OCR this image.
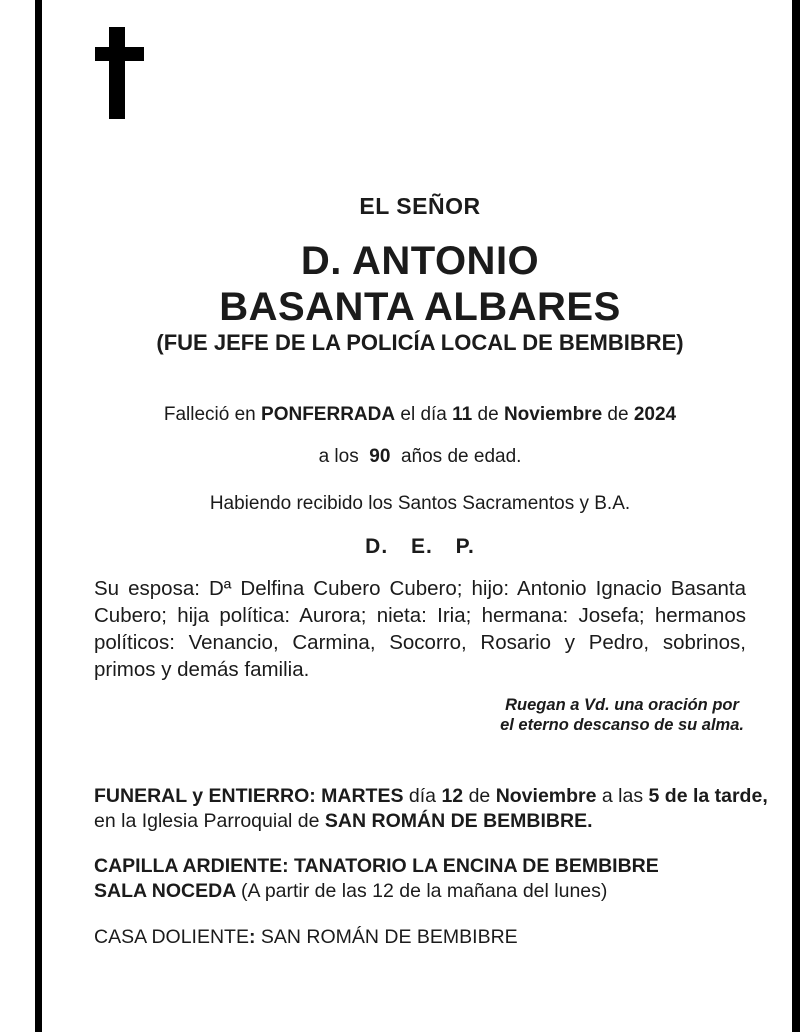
EL SEÑOR
D. ANTONIO
BASANTA ALBARES
(FUE JEFE DE LA POLICÍA LOCAL DE BEMBIBRE)
Falleció en PONFERRADA el día 11 de Noviembre de 2024
a los  90  años de edad.
Habiendo recibido los Santos Sacramentos y B.A.
D. E. P.
Su esposa: Dª Delfina Cubero Cubero; hijo: Antonio Ignacio Basanta Cubero; hija política: Aurora; nieta: Iria; hermana: Josefa; hermanos políticos: Venancio, Carmina, Socorro, Rosario y Pedro, sobrinos, primos y demás familia.
Ruegan a Vd. una oración por
el eterno descanso de su alma.
FUNERAL y ENTIERRO: MARTES día 12 de Noviembre a las 5 de la tarde,
en la Iglesia Parroquial de SAN ROMÁN DE BEMBIBRE.
CAPILLA ARDIENTE: TANATORIO LA ENCINA DE BEMBIBRE
SALA NOCEDA (A partir de las 12 de la mañana del lunes)
CASA DOLIENTE: SAN ROMÁN DE BEMBIBRE
